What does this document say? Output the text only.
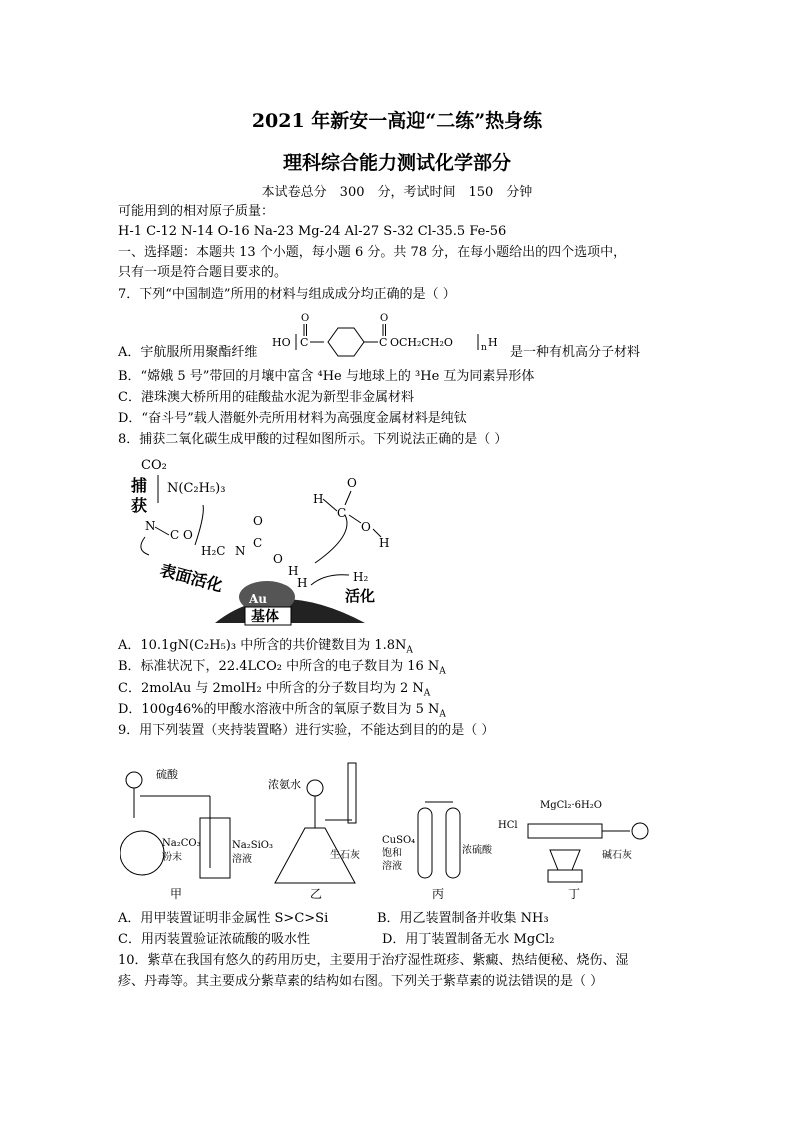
2021 年新安一高迎“二练”热身练
理科综合能力测试化学部分
本试卷总分　300　分，考试时间　150　分钟
可能用到的相对原子质量：
H-1 C-12 N-14 O-16 Na-23 Mg-24 Al-27 S-32 Cl-35.5 Fe-56
一、选择题：本题共 13 个小题，每小题 6 分。共 78 分，在每小题给出的四个选项中，
只有一项是符合题目要求的。
7．下列“中国制造”所用的材料与组成成分均正确的是（ ）
A．宇航服所用聚酯纤维
HO C
O
C
O
OCH₂CH₂O	n H
是一种有机高分子材料
B．“嫦娥 5 号”带回的月壤中富含 ⁴He 与地球上的 ³He 互为同素异形体
C．港珠澳大桥所用的硅酸盐水泥为新型非金属材料
D．“奋斗号”载人潜艇外壳所用材料为高强度金属材料是纯钛
8．捕获二氧化碳生成甲酸的过程如图所示。下列说法正确的是（ ）
CO₂
N(C₂H₅)₃
捕
获
N
C O
表面活化
H₂C N
C
O
O
H
H
H
C
O
O
H
H₂
活化
Au
基体
A．10.1gN(C₂H₅)₃ 中所含的共价键数目为 $1.8N_A$
B．标准状况下，22.4LCO₂ 中所含的电子数目为 16 $N_A$
C．2molAu 与 2molH₂ 中所含的分子数目均为 2 $N_A$
D．100g46%的甲酸水溶液中所含的氧原子数目为 5 $N_A$
9．用下列装置（夹持装置略）进行实验，不能达到目的的是（ ）
硫酸
Na₂CO₃
粉末
Na₂SiO₃
溶液
甲
浓氨水
生石灰
乙
CuSO₄
饱和
溶液
浓硫酸
丙
HCl
MgCl₂·6H₂O
碱石灰
丁
A．用甲装置证明非金属性 S>C>Si	B．用乙装置制备并收集 NH₃
C．用丙装置验证浓硫酸的吸水性	D．用丁装置制备无水 MgCl₂
10．紫草在我国有悠久的药用历史，主要用于治疗湿性斑疹、紫癜、热结便秘、烧伤、湿
疹、丹毒等。其主要成分紫草素的结构如右图。下列关于紫草素的说法错误的是（ ）
